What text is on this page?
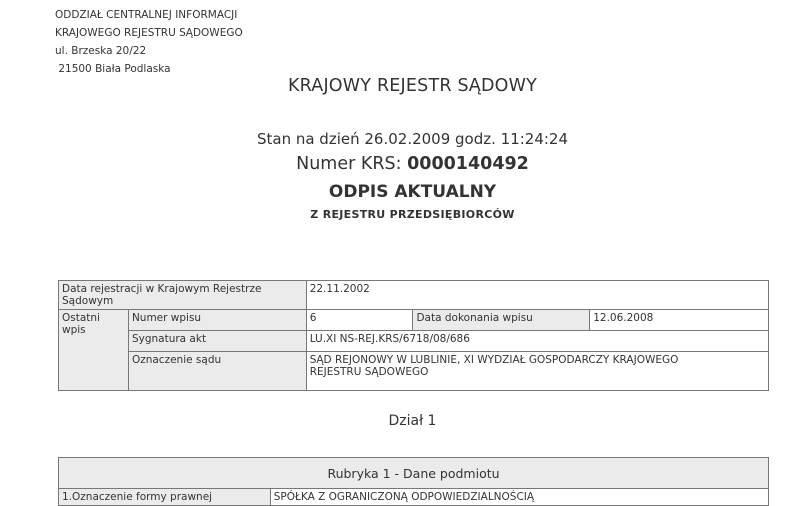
ODDZIAŁ CENTRALNEJ INFORMACJI
KRAJOWEGO REJESTRU SĄDOWEGO
ul. Brzeska 20/22
21500 Biała Podlaska
KRAJOWY REJESTR SĄDOWY
Stan na dzień 26.02.2009 godz. 11:24:24
Numer KRS: 0000140492
ODPIS AKTUALNY
Z REJESTRU PRZEDSIĘBIORCÓW
Data rejestracji w Krajowym Rejestrze Sądowym		22.11.2002		
Ostatni wpis	Numer wpisu	6	Data dokonania wpisu	12.06.2008
	Sygnatura akt	LU.XI NS-REJ.KRS/6718/08/686		
	Oznaczenie sądu	SĄD REJONOWY W LUBLINIE, XI WYDZIAŁ GOSPODARCZY KRAJOWEGO REJESTRU SĄDOWEGO		
Dział 1
Rubryka 1 - Dane podmiotu
1.Oznaczenie formy prawnej	SPÓŁKA Z OGRANICZONĄ ODPOWIEDZIALNOŚCIĄ
